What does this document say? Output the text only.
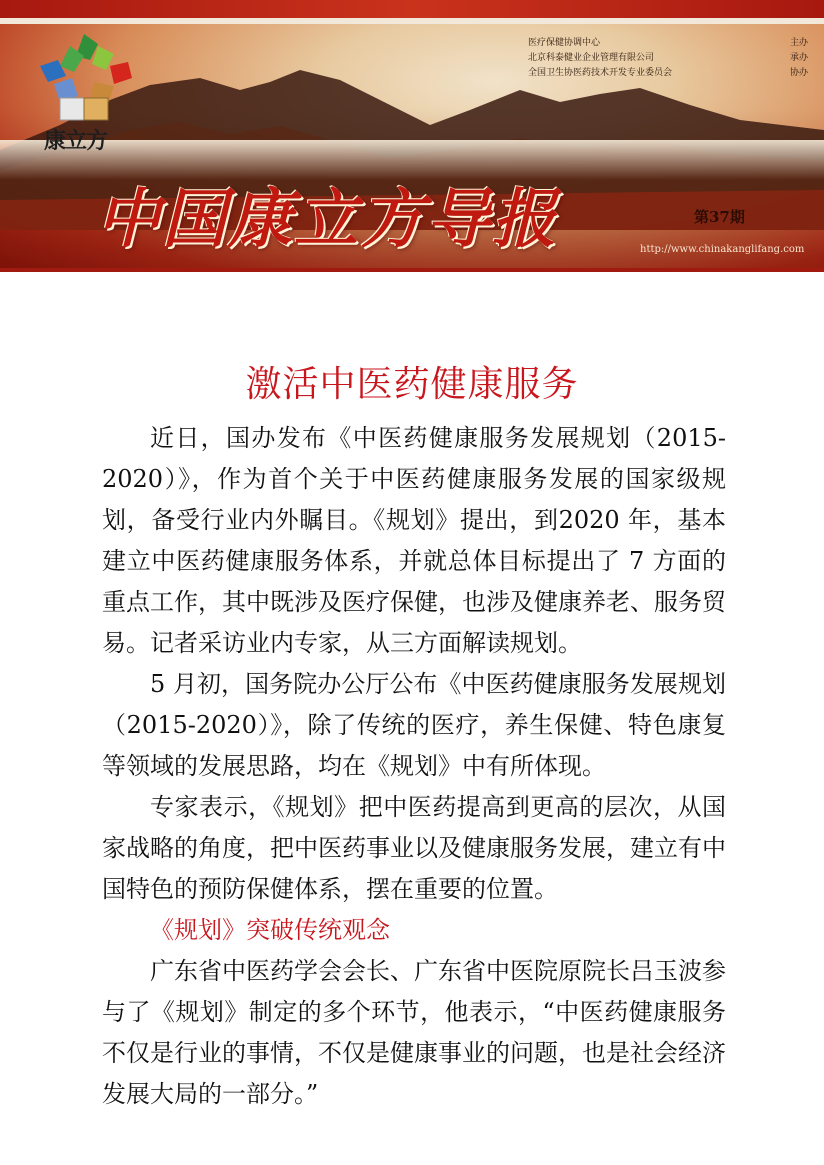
康立方
医疗保健协调中心	主办
北京科泰健业企业管理有限公司	承办
全国卫生协医药技术开发专业委员会	协办
中国康立方导报	第37期
http://www.chinakanglifang.com
激活中医药健康服务

近日，国办发布《中医药健康服务发展规划（2015-2020）》，作为首个关于中医药健康服务发展的国家级规划，备受行业内外瞩目。《规划》提出，到2020 年，基本建立中医药健康服务体系，并就总体目标提出了 7 方面的重点工作，其中既涉及医疗保健，也涉及健康养老、服务贸易。记者采访业内专家，从三方面解读规划。

5 月初，国务院办公厅公布《中医药健康服务发展规划（2015-2020）》，除了传统的医疗，养生保健、特色康复等领域的发展思路，均在《规划》中有所体现。

专家表示，《规划》把中医药提高到更高的层次，从国家战略的角度，把中医药事业以及健康服务发展，建立有中国特色的预防保健体系，摆在重要的位置。

《规划》突破传统观念

广东省中医药学会会长、广东省中医院原院长吕玉波参与了《规划》制定的多个环节，他表示，“中医药健康服务不仅是行业的事情，不仅是健康事业的问题，也是社会经济发展大局的一部分。”
